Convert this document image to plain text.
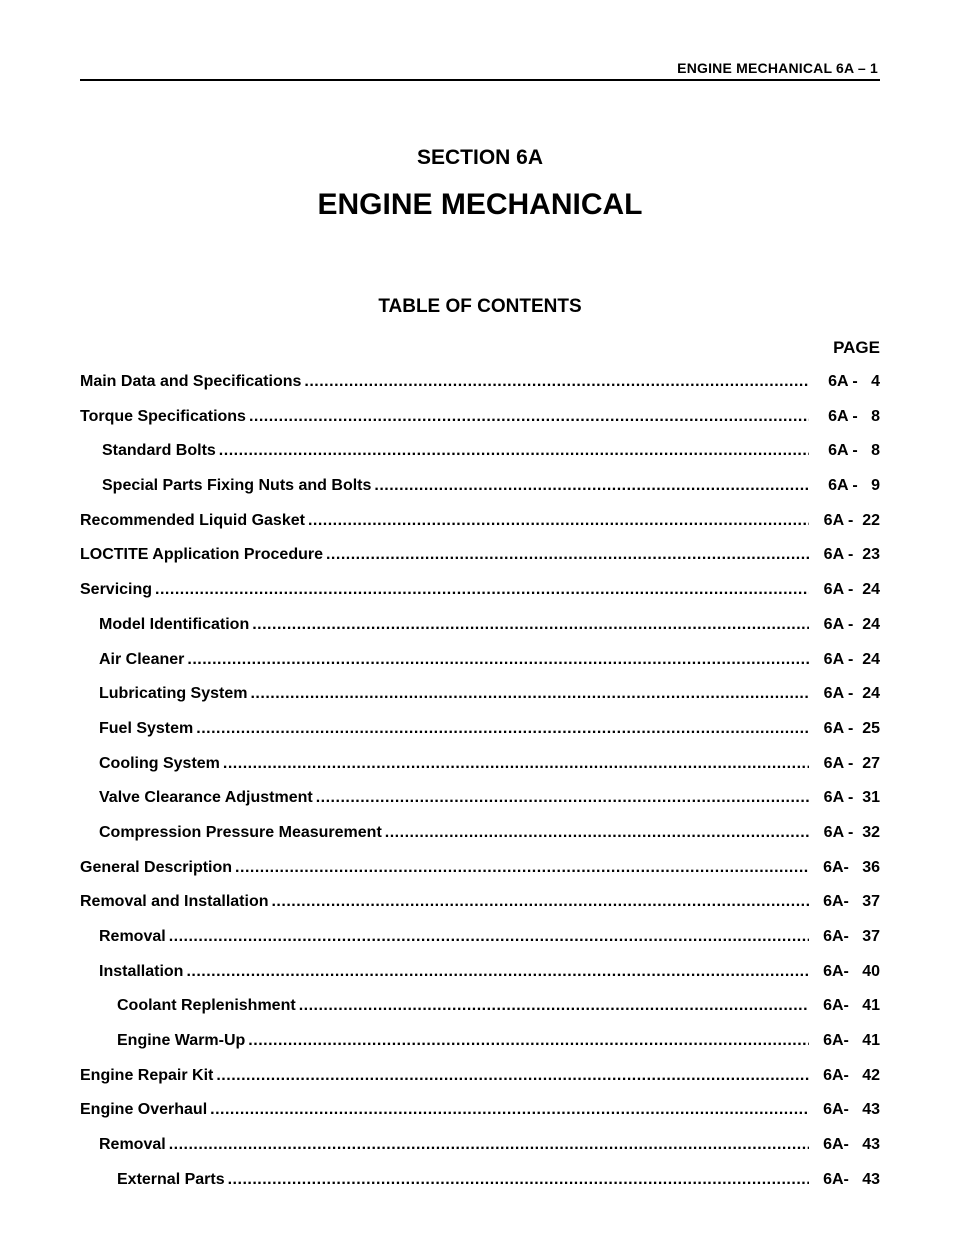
ENGINE MECHANICAL 6A – 1
SECTION 6A
ENGINE MECHANICAL
TABLE OF CONTENTS
PAGE
Main Data and Specifications .....	6A -   4
Torque Specifications .....	6A -   8
Standard Bolts .....	6A -   8
Special Parts Fixing Nuts and Bolts .....	6A -   9
Recommended Liquid Gasket .....	6A -  22
LOCTITE Application Procedure .....	6A -  23
Servicing .....	6A -  24
Model Identification .....	6A -  24
Air Cleaner .....	6A -  24
Lubricating System .....	6A -  24
Fuel System .....	6A -  25
Cooling System .....	6A -  27
Valve Clearance Adjustment .....	6A -  31
Compression Pressure Measurement .....	6A -  32
General Description .....	6A-   36
Removal and Installation .....	6A-   37
Removal .....	6A-   37
Installation .....	6A-   40
Coolant Replenishment .....	6A-   41
Engine Warm-Up .....	6A-   41
Engine Repair Kit .....	6A-   42
Engine Overhaul .....	6A-   43
Removal .....	6A-   43
External Parts .....	6A-   43
